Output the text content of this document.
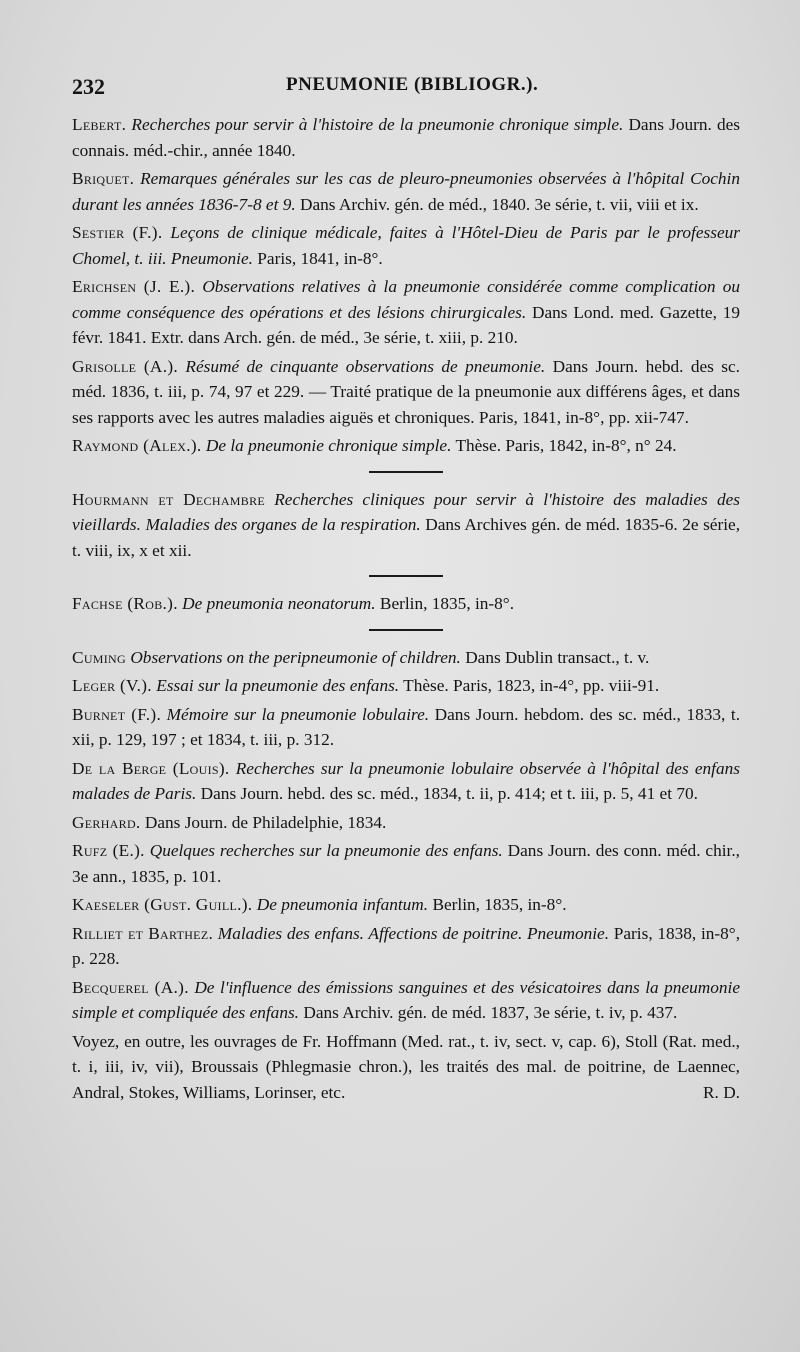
232	PNEUMONIE (BIBLIOGR.).

Lebert. Recherches pour servir à l'histoire de la pneumonie chronique simple. Dans Journ. des connais. méd.-chir., année 1840.

Briquet. Remarques générales sur les cas de pleuro-pneumonies observées à l'hôpital Cochin durant les années 1836-7-8 et 9. Dans Archiv. gén. de méd., 1840. 3e série, t. vii, viii et ix.

Sestier (F.). Leçons de clinique médicale, faites à l'Hôtel-Dieu de Paris par le professeur Chomel, t. iii. Pneumonie. Paris, 1841, in-8°.

Erichsen (J. E.). Observations relatives à la pneumonie considérée comme complication ou comme conséquence des opérations et des lésions chirurgicales. Dans Lond. med. Gazette, 19 févr. 1841. Extr. dans Arch. gén. de méd., 3e série, t. xiii, p. 210.

Grisolle (A.). Résumé de cinquante observations de pneumonie. Dans Journ. hebd. des sc. méd. 1836, t. iii, p. 74, 97 et 229. — Traité pratique de la pneumonie aux différens âges, et dans ses rapports avec les autres maladies aiguës et chroniques. Paris, 1841, in-8°, pp. xii-747.

Raymond (Alex.). De la pneumonie chronique simple. Thèse. Paris, 1842, in-8°, n° 24.

Hourmann et Dechambre Recherches cliniques pour servir à l'histoire des maladies des vieillards. Maladies des organes de la respiration. Dans Archives gén. de méd. 1835-6. 2e série, t. viii, ix, x et xii.

Fachse (Rob.). De pneumonia neonatorum. Berlin, 1835, in-8°.

Cuming Observations on the peripneumonie of children. Dans Dublin transact., t. v.

Leger (V.). Essai sur la pneumonie des enfans. Thèse. Paris, 1823, in-4°, pp. viii-91.

Burnet (F.). Mémoire sur la pneumonie lobulaire. Dans Journ. hebdom. des sc. méd., 1833, t. xii, p. 129, 197 ; et 1834, t. iii, p. 312.

De la Berge (Louis). Recherches sur la pneumonie lobulaire observée à l'hôpital des enfans malades de Paris. Dans Journ. hebd. des sc. méd., 1834, t. ii, p. 414; et t. iii, p. 5, 41 et 70.

Gerhard. Dans Journ. de Philadelphie, 1834.

Rufz (E.). Quelques recherches sur la pneumonie des enfans. Dans Journ. des conn. méd. chir., 3e ann., 1835, p. 101.

Kaeseler (Gust. Guill.). De pneumonia infantum. Berlin, 1835, in-8°.

Rilliet et Barthez. Maladies des enfans. Affections de poitrine. Pneumonie. Paris, 1838, in-8°, p. 228.

Becquerel (A.). De l'influence des émissions sanguines et des vésicatoires dans la pneumonie simple et compliquée des enfans. Dans Archiv. gén. de méd. 1837, 3e série, t. iv, p. 437.

Voyez, en outre, les ouvrages de Fr. Hoffmann (Med. rat., t. iv, sect. v, cap. 6), Stoll (Rat. med., t. i, iii, iv, vii), Broussais (Phlegmasie chron.), les traités des mal. de poitrine, de Laennec, Andral, Stokes, Williams, Lorinser, etc.	R. D.
